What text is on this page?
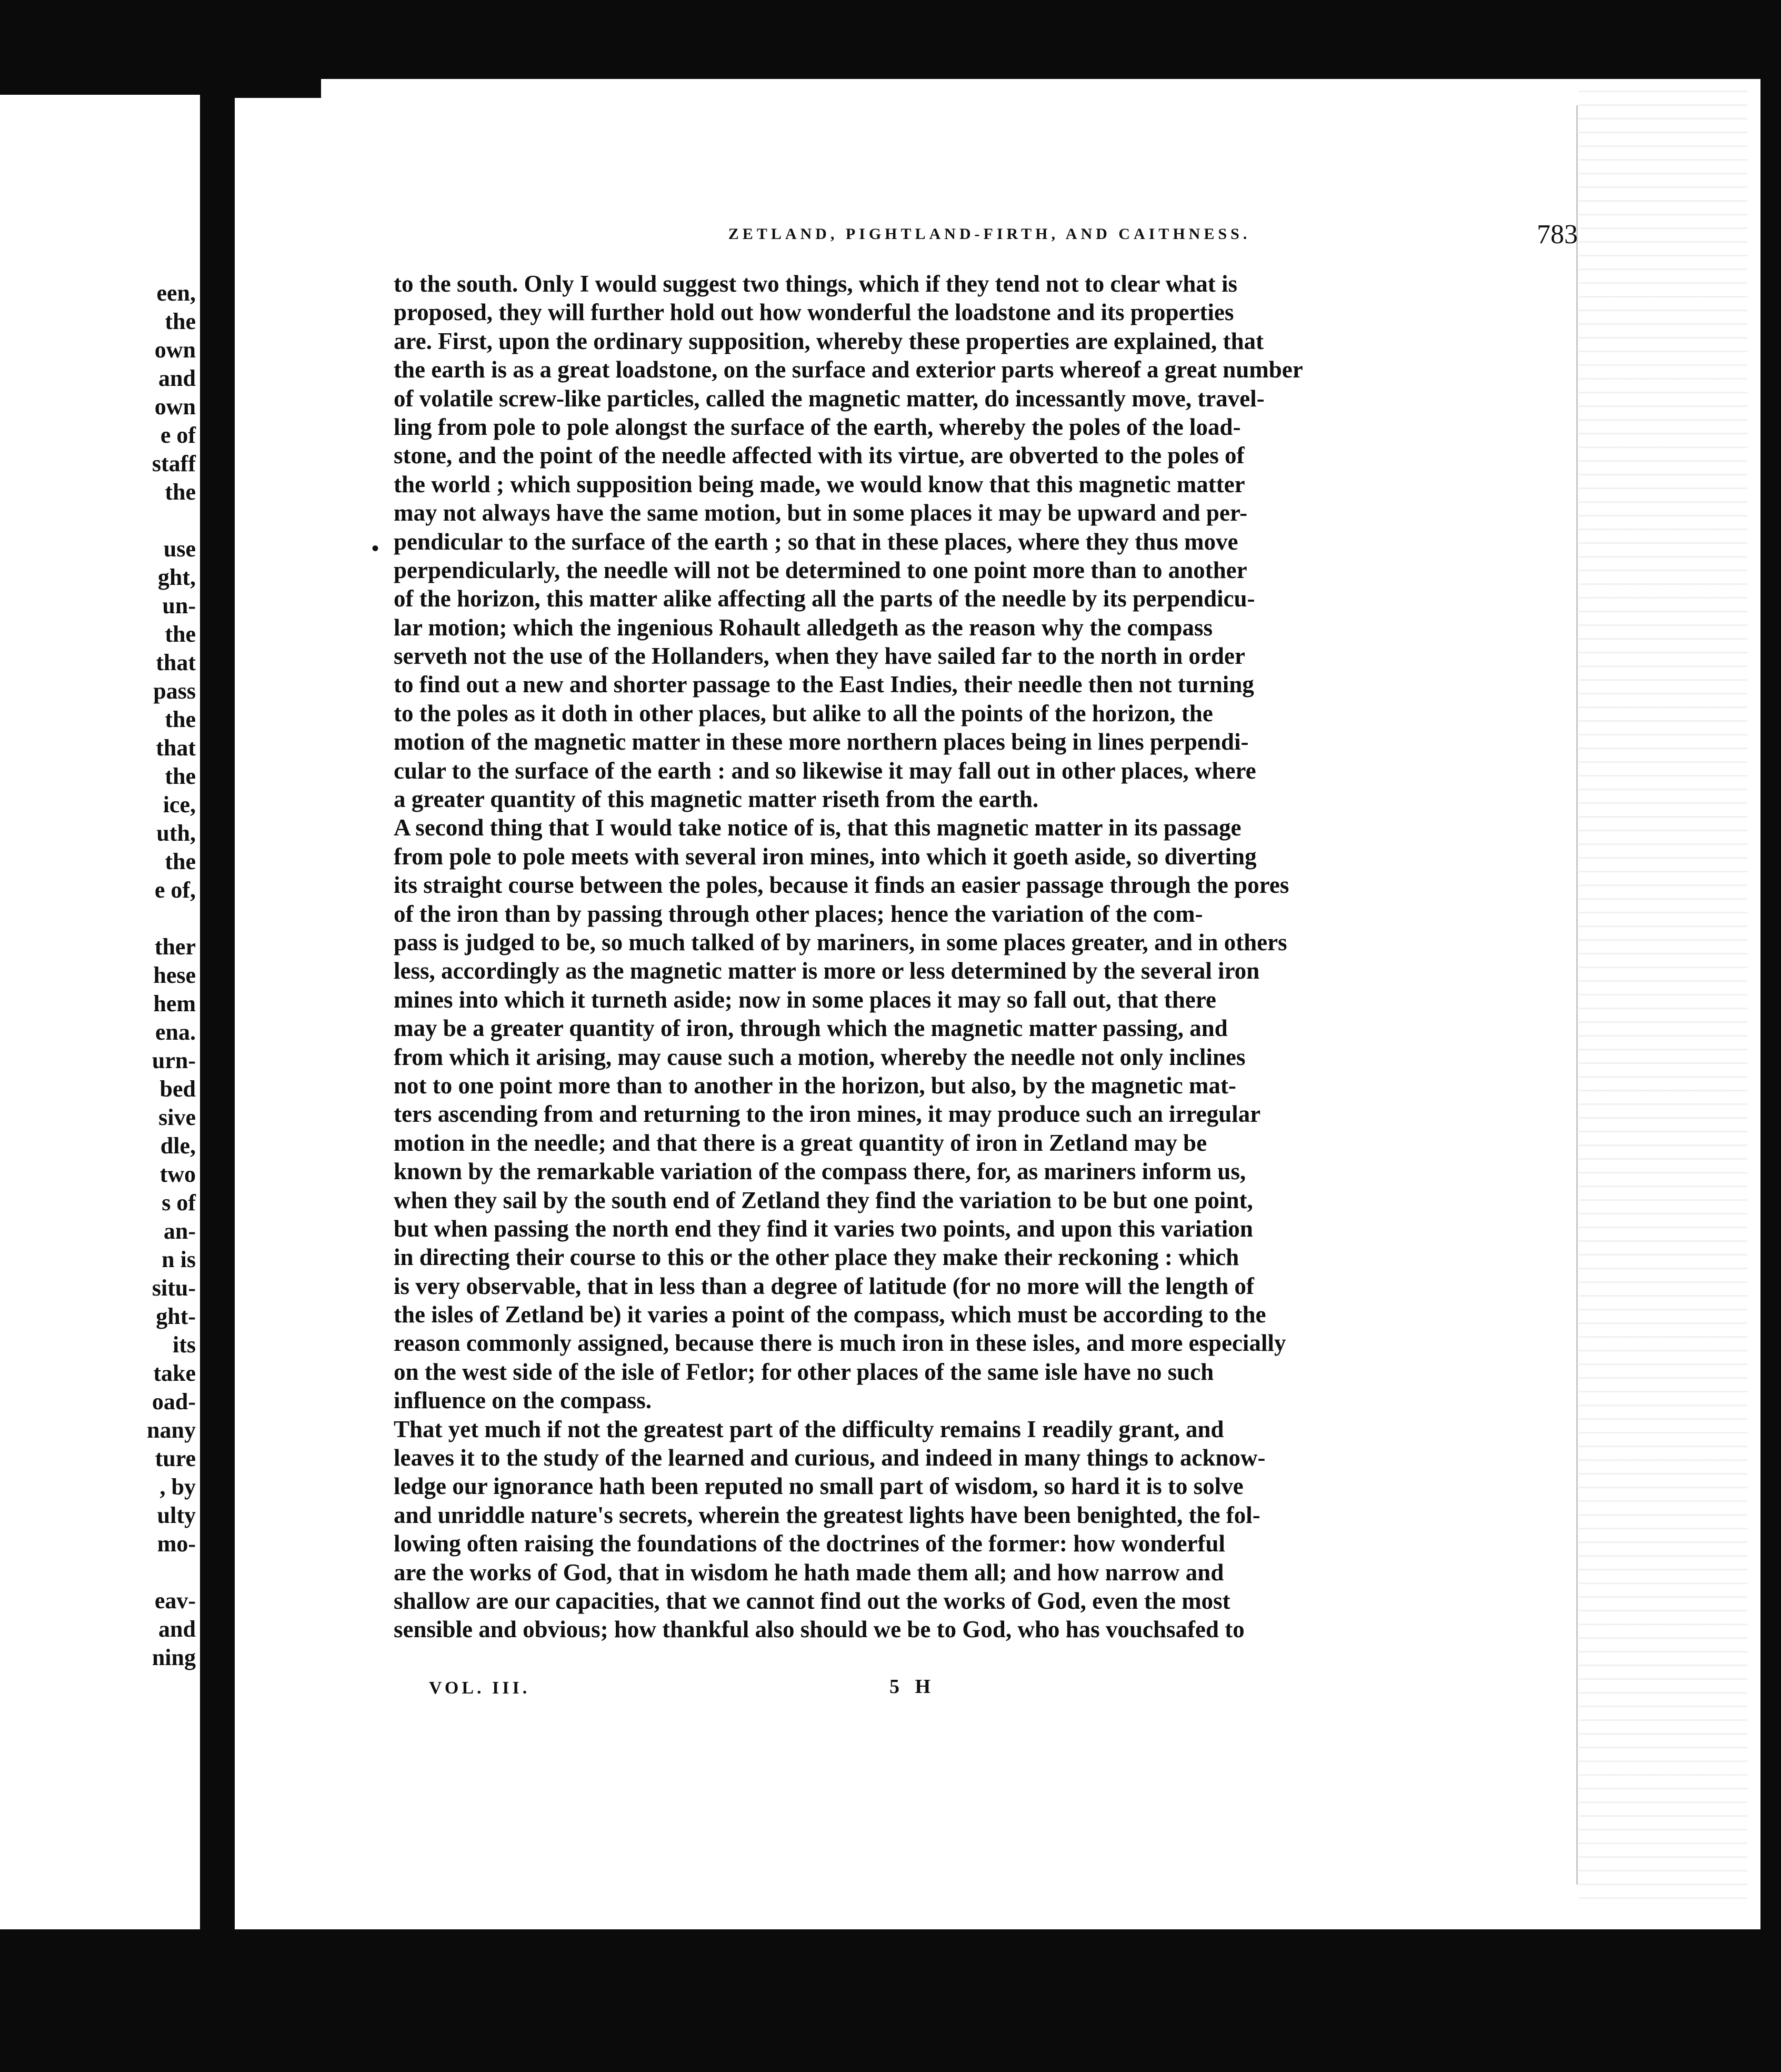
een,
the
own
and
own
e of
staff
the
use
ght,
un-
the
that
pass
the
that
the
ice,
uth,
the
e of,
ther
hese
hem
ena.
urn-
bed
sive
dle,
two
s of
an-
n is
situ-
ght-
its
take
oad-
nany
ture
, by
ulty
mo-
eav-
and
ning
ZETLAND, PIGHTLAND-FIRTH, AND CAITHNESS.	783
•
to the south. Only I would suggest two things, which if they tend not to clear what is
proposed, they will further hold out how wonderful the loadstone and its properties
are. First, upon the ordinary supposition, whereby these properties are explained, that
the earth is as a great loadstone, on the surface and exterior parts whereof a great number
of volatile screw-like particles, called the magnetic matter, do incessantly move, travel-
ling from pole to pole alongst the surface of the earth, whereby the poles of the load-
stone, and the point of the needle affected with its virtue, are obverted to the poles of
the world ; which supposition being made, we would know that this magnetic matter
may not always have the same motion, but in some places it may be upward and per-
pendicular to the surface of the earth ; so that in these places, where they thus move
perpendicularly, the needle will not be determined to one point more than to another
of the horizon, this matter alike affecting all the parts of the needle by its perpendicu-
lar motion; which the ingenious Rohault alledgeth as the reason why the compass
serveth not the use of the Hollanders, when they have sailed far to the north in order
to find out a new and shorter passage to the East Indies, their needle then not turning
to the poles as it doth in other places, but alike to all the points of the horizon, the
motion of the magnetic matter in these more northern places being in lines perpendi-
cular to the surface of the earth : and so likewise it may fall out in other places, where
a greater quantity of this magnetic matter riseth from the earth.
A second thing that I would take notice of is, that this magnetic matter in its passage
from pole to pole meets with several iron mines, into which it goeth aside, so diverting
its straight course between the poles, because it finds an easier passage through the pores
of the iron than by passing through other places; hence the variation of the com-
pass is judged to be, so much talked of by mariners, in some places greater, and in others
less, accordingly as the magnetic matter is more or less determined by the several iron
mines into which it turneth aside; now in some places it may so fall out, that there
may be a greater quantity of iron, through which the magnetic matter passing, and
from which it arising, may cause such a motion, whereby the needle not only inclines
not to one point more than to another in the horizon, but also, by the magnetic mat-
ters ascending from and returning to the iron mines, it may produce such an irregular
motion in the needle; and that there is a great quantity of iron in Zetland may be
known by the remarkable variation of the compass there, for, as mariners inform us,
when they sail by the south end of Zetland they find the variation to be but one point,
but when passing the north end they find it varies two points, and upon this variation
in directing their course to this or the other place they make their reckoning : which
is very observable, that in less than a degree of latitude (for no more will the length of
the isles of Zetland be) it varies a point of the compass, which must be according to the
reason commonly assigned, because there is much iron in these isles, and more especially
on the west side of the isle of Fetlor; for other places of the same isle have no such
influence on the compass.
That yet much if not the greatest part of the difficulty remains I readily grant, and
leaves it to the study of the learned and curious, and indeed in many things to acknow-
ledge our ignorance hath been reputed no small part of wisdom, so hard it is to solve
and unriddle nature's secrets, wherein the greatest lights have been benighted, the fol-
lowing often raising the foundations of the doctrines of the former: how wonderful
are the works of God, that in wisdom he hath made them all; and how narrow and
shallow are our capacities, that we cannot find out the works of God, even the most
sensible and obvious; how thankful also should we be to God, who has vouchsafed to
VOL. III.	5 H
